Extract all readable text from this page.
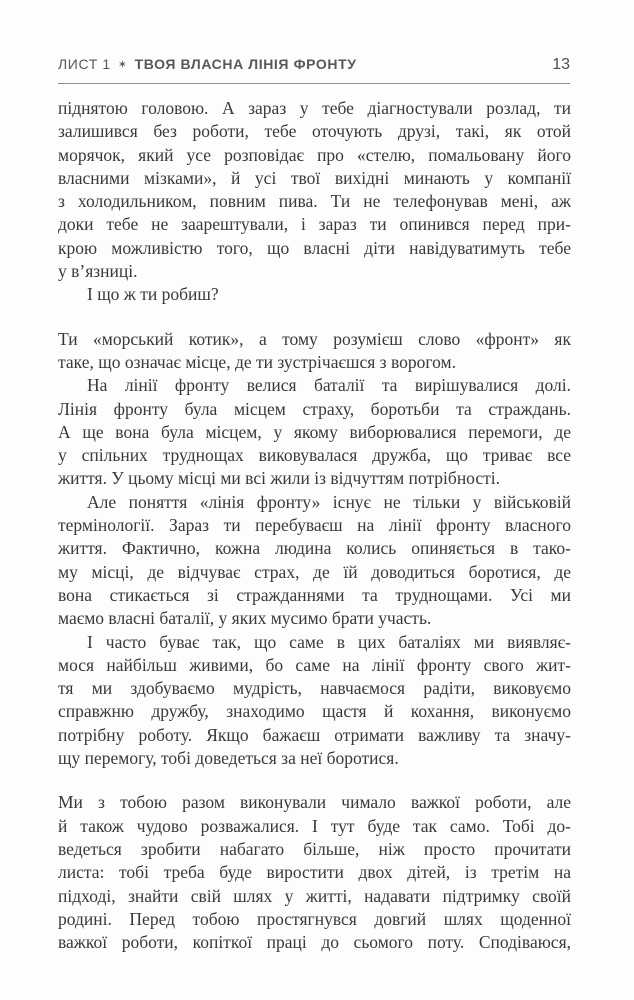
ЛИСТ 1 ✶ ТВОЯ ВЛАСНА ЛІНІЯ ФРОНТУ	13
піднятою головою. А зараз у тебе діагностували розлад, ти
залишився без роботи, тебе оточують друзі, такі, як отой
морячок, який усе розповідає про «стелю, помальовану його
власними мізками», й усі твої вихідні минають у компанії
з холодильником, повним пива. Ти не телефонував мені, аж
доки тебе не заарештували, і зараз ти опинився перед при-
крою можливістю того, що власні діти навідуватимуть тебе
у в’язниці.
І що ж ти робиш?
Ти «морський котик», а тому розумієш слово «фронт» як
таке, що означає місце, де ти зустрічаєшся з ворогом.
На лінії фронту велися баталії та вирішувалися долі.
Лінія фронту була місцем страху, боротьби та страждань.
А ще вона була місцем, у якому виборювалися перемоги, де
у спільних труднощах виковувалася дружба, що триває все
життя. У цьому місці ми всі жили із відчуттям потрібності.
Але поняття «лінія фронту» існує не тільки у військовій
термінології. Зараз ти перебуваєш на лінії фронту власного
життя. Фактично, кожна людина колись опиняється в тако-
му місці, де відчуває страх, де їй доводиться боротися, де
вона стикається зі стражданнями та труднощами. Усі ми
маємо власні баталії, у яких мусимо брати участь.
І часто буває так, що саме в цих баталіях ми виявляє-
мося найбільш живими, бо саме на лінії фронту свого жит-
тя ми здобуваємо мудрість, навчаємося радіти, виковуємо
справжню дружбу, знаходимо щастя й кохання, виконуємо
потрібну роботу. Якщо бажаєш отримати важливу та значу-
щу перемогу, тобі доведеться за неї боротися.
Ми з тобою разом виконували чимало важкої роботи, але
й також чудово розважалися. І тут буде так само. Тобі до-
ведеться зробити набагато більше, ніж просто прочитати
листа: тобі треба буде виростити двох дітей, із третім на
підході, знайти свій шлях у житті, надавати підтримку своїй
родині. Перед тобою простягнувся довгий шлях щоденної
важкої роботи, копіткої праці до сьомого поту. Сподіваюся,
